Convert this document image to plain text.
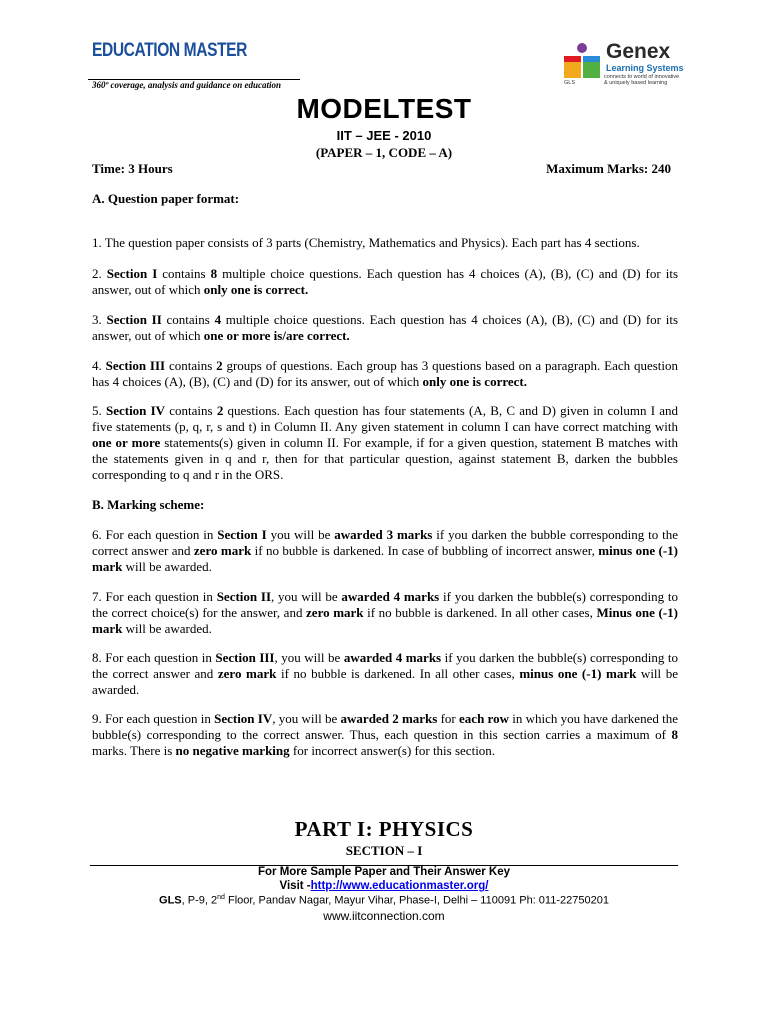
EDUCATION MASTER
360º coverage, analysis and guidance on education
Genex
Learning Systems
connects to world of innovative
& uniquely based learning
GLS
MODELTEST
IIT – JEE - 2010
(PAPER – 1, CODE – A)
Time: 3 Hours	Maximum Marks: 240
A. Question paper format:
1. The question paper consists of 3 parts (Chemistry, Mathematics and Physics). Each part has 4 sections.
2. Section I contains 8 multiple choice questions. Each question has 4 choices (A), (B), (C) and (D) for its answer, out of which only one is correct.
3. Section II contains 4 multiple choice questions. Each question has 4 choices (A), (B), (C) and (D) for its answer, out of which one or more is/are correct.
4. Section III contains 2 groups of questions. Each group has 3 questions based on a paragraph. Each question has 4 choices (A), (B), (C) and (D) for its answer, out of which only one is correct.
5. Section IV contains 2 questions. Each question has four statements (A, B, C and D) given in column I and five statements (p, q, r, s and t) in Column II. Any given statement in column I can have correct matching with one or more statements(s) given in column II. For example, if for a given question, statement B matches with the statements given in q and r, then for that particular question, against statement B, darken the bubbles corresponding to q and r in the ORS.
B. Marking scheme:
6. For each question in Section I you will be awarded 3 marks if you darken the bubble corresponding to the correct answer and zero mark if no bubble is darkened. In case of bubbling of incorrect answer, minus one (-1) mark will be awarded.
7. For each question in Section II, you will be awarded 4 marks if you darken the bubble(s) corresponding to the correct choice(s) for the answer, and zero mark if no bubble is darkened. In all other cases, Minus one (-1) mark will be awarded.
8. For each question in Section III, you will be awarded 4 marks if you darken the bubble(s) corresponding to the correct answer and zero mark if no bubble is darkened. In all other cases, minus one (-1) mark will be awarded.
9. For each question in Section IV, you will be awarded 2 marks for each row in which you have darkened the bubble(s) corresponding to the correct answer. Thus, each question in this section carries a maximum of 8 marks. There is no negative marking for incorrect answer(s) for this section.
PART I: PHYSICS
SECTION – I
For More Sample Paper and Their Answer Key
Visit -http://www.educationmaster.org/
GLS, P-9, 2nd Floor, Pandav Nagar, Mayur Vihar, Phase-I, Delhi – 110091 Ph: 011-22750201
www.iitconnection.com
